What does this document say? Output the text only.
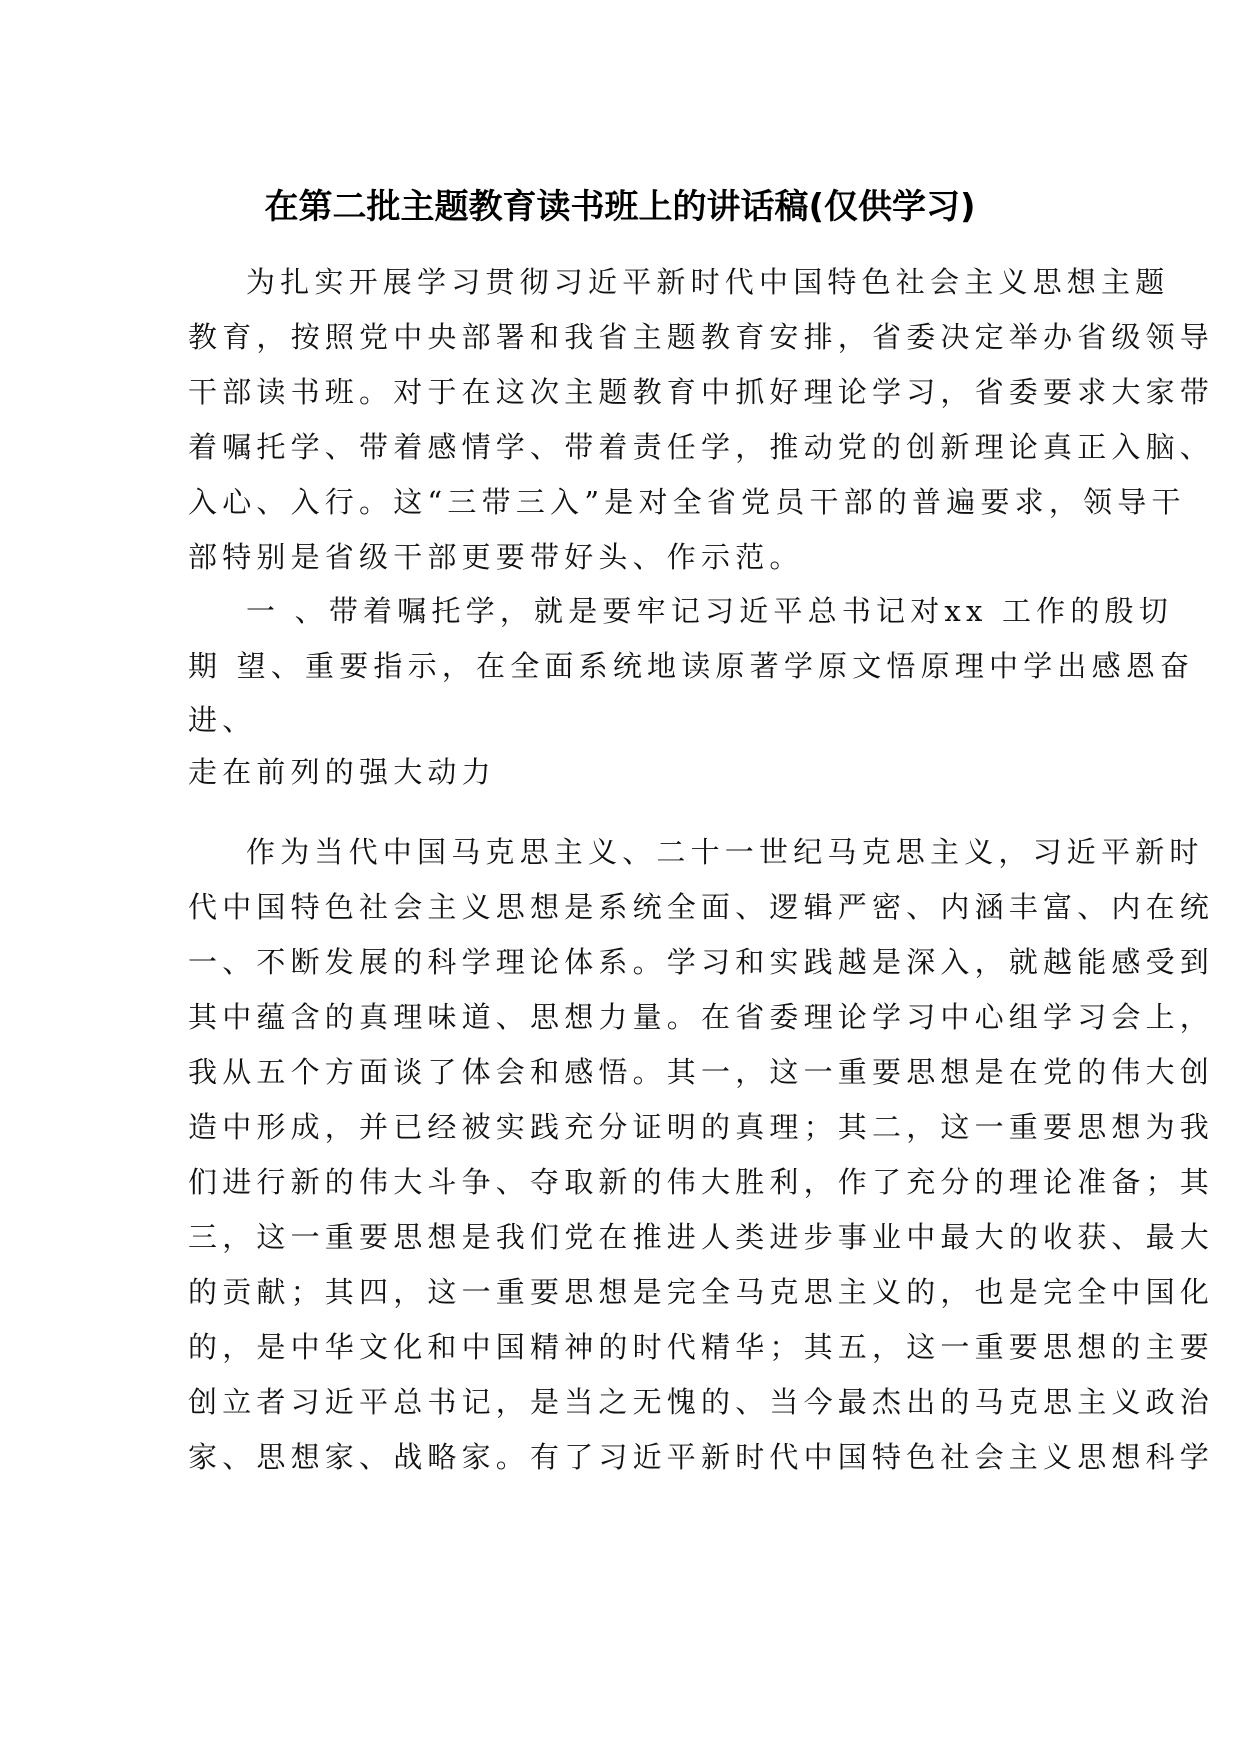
在第二批主题教育读书班上的讲话稿(仅供学习)
为扎实开展学习贯彻习近平新时代中国特色社会主义思想主题
教育，按照党中央部署和我省主题教育安排，省委决定举办省级领导
干部读书班。对于在这次主题教育中抓好理论学习，省委要求大家带
着嘱托学、带着感情学、带着责任学，推动党的创新理论真正入脑、
入心、入行。这“三带三入”是对全省党员干部的普遍要求，领导干
部特别是省级干部更要带好头、作示范。
一 、带着嘱托学，就是要牢记习近平总书记对xx 工作的殷切
期 望、重要指示，在全面系统地读原著学原文悟原理中学出感恩奋
进、
走在前列的强大动力
作为当代中国马克思主义、二十一世纪马克思主义，习近平新时
代中国特色社会主义思想是系统全面、逻辑严密、内涵丰富、内在统
一、不断发展的科学理论体系。学习和实践越是深入，就越能感受到
其中蕴含的真理味道、思想力量。在省委理论学习中心组学习会上，
我从五个方面谈了体会和感悟。其一，这一重要思想是在党的伟大创
造中形成，并已经被实践充分证明的真理；其二，这一重要思想为我
们进行新的伟大斗争、夺取新的伟大胜利，作了充分的理论准备；其
三，这一重要思想是我们党在推进人类进步事业中最大的收获、最大
的贡献；其四，这一重要思想是完全马克思主义的，也是完全中国化
的，是中华文化和中国精神的时代精华；其五，这一重要思想的主要
创立者习近平总书记，是当之无愧的、当今最杰出的马克思主义政治
家、思想家、战略家。有了习近平新时代中国特色社会主义思想科学
